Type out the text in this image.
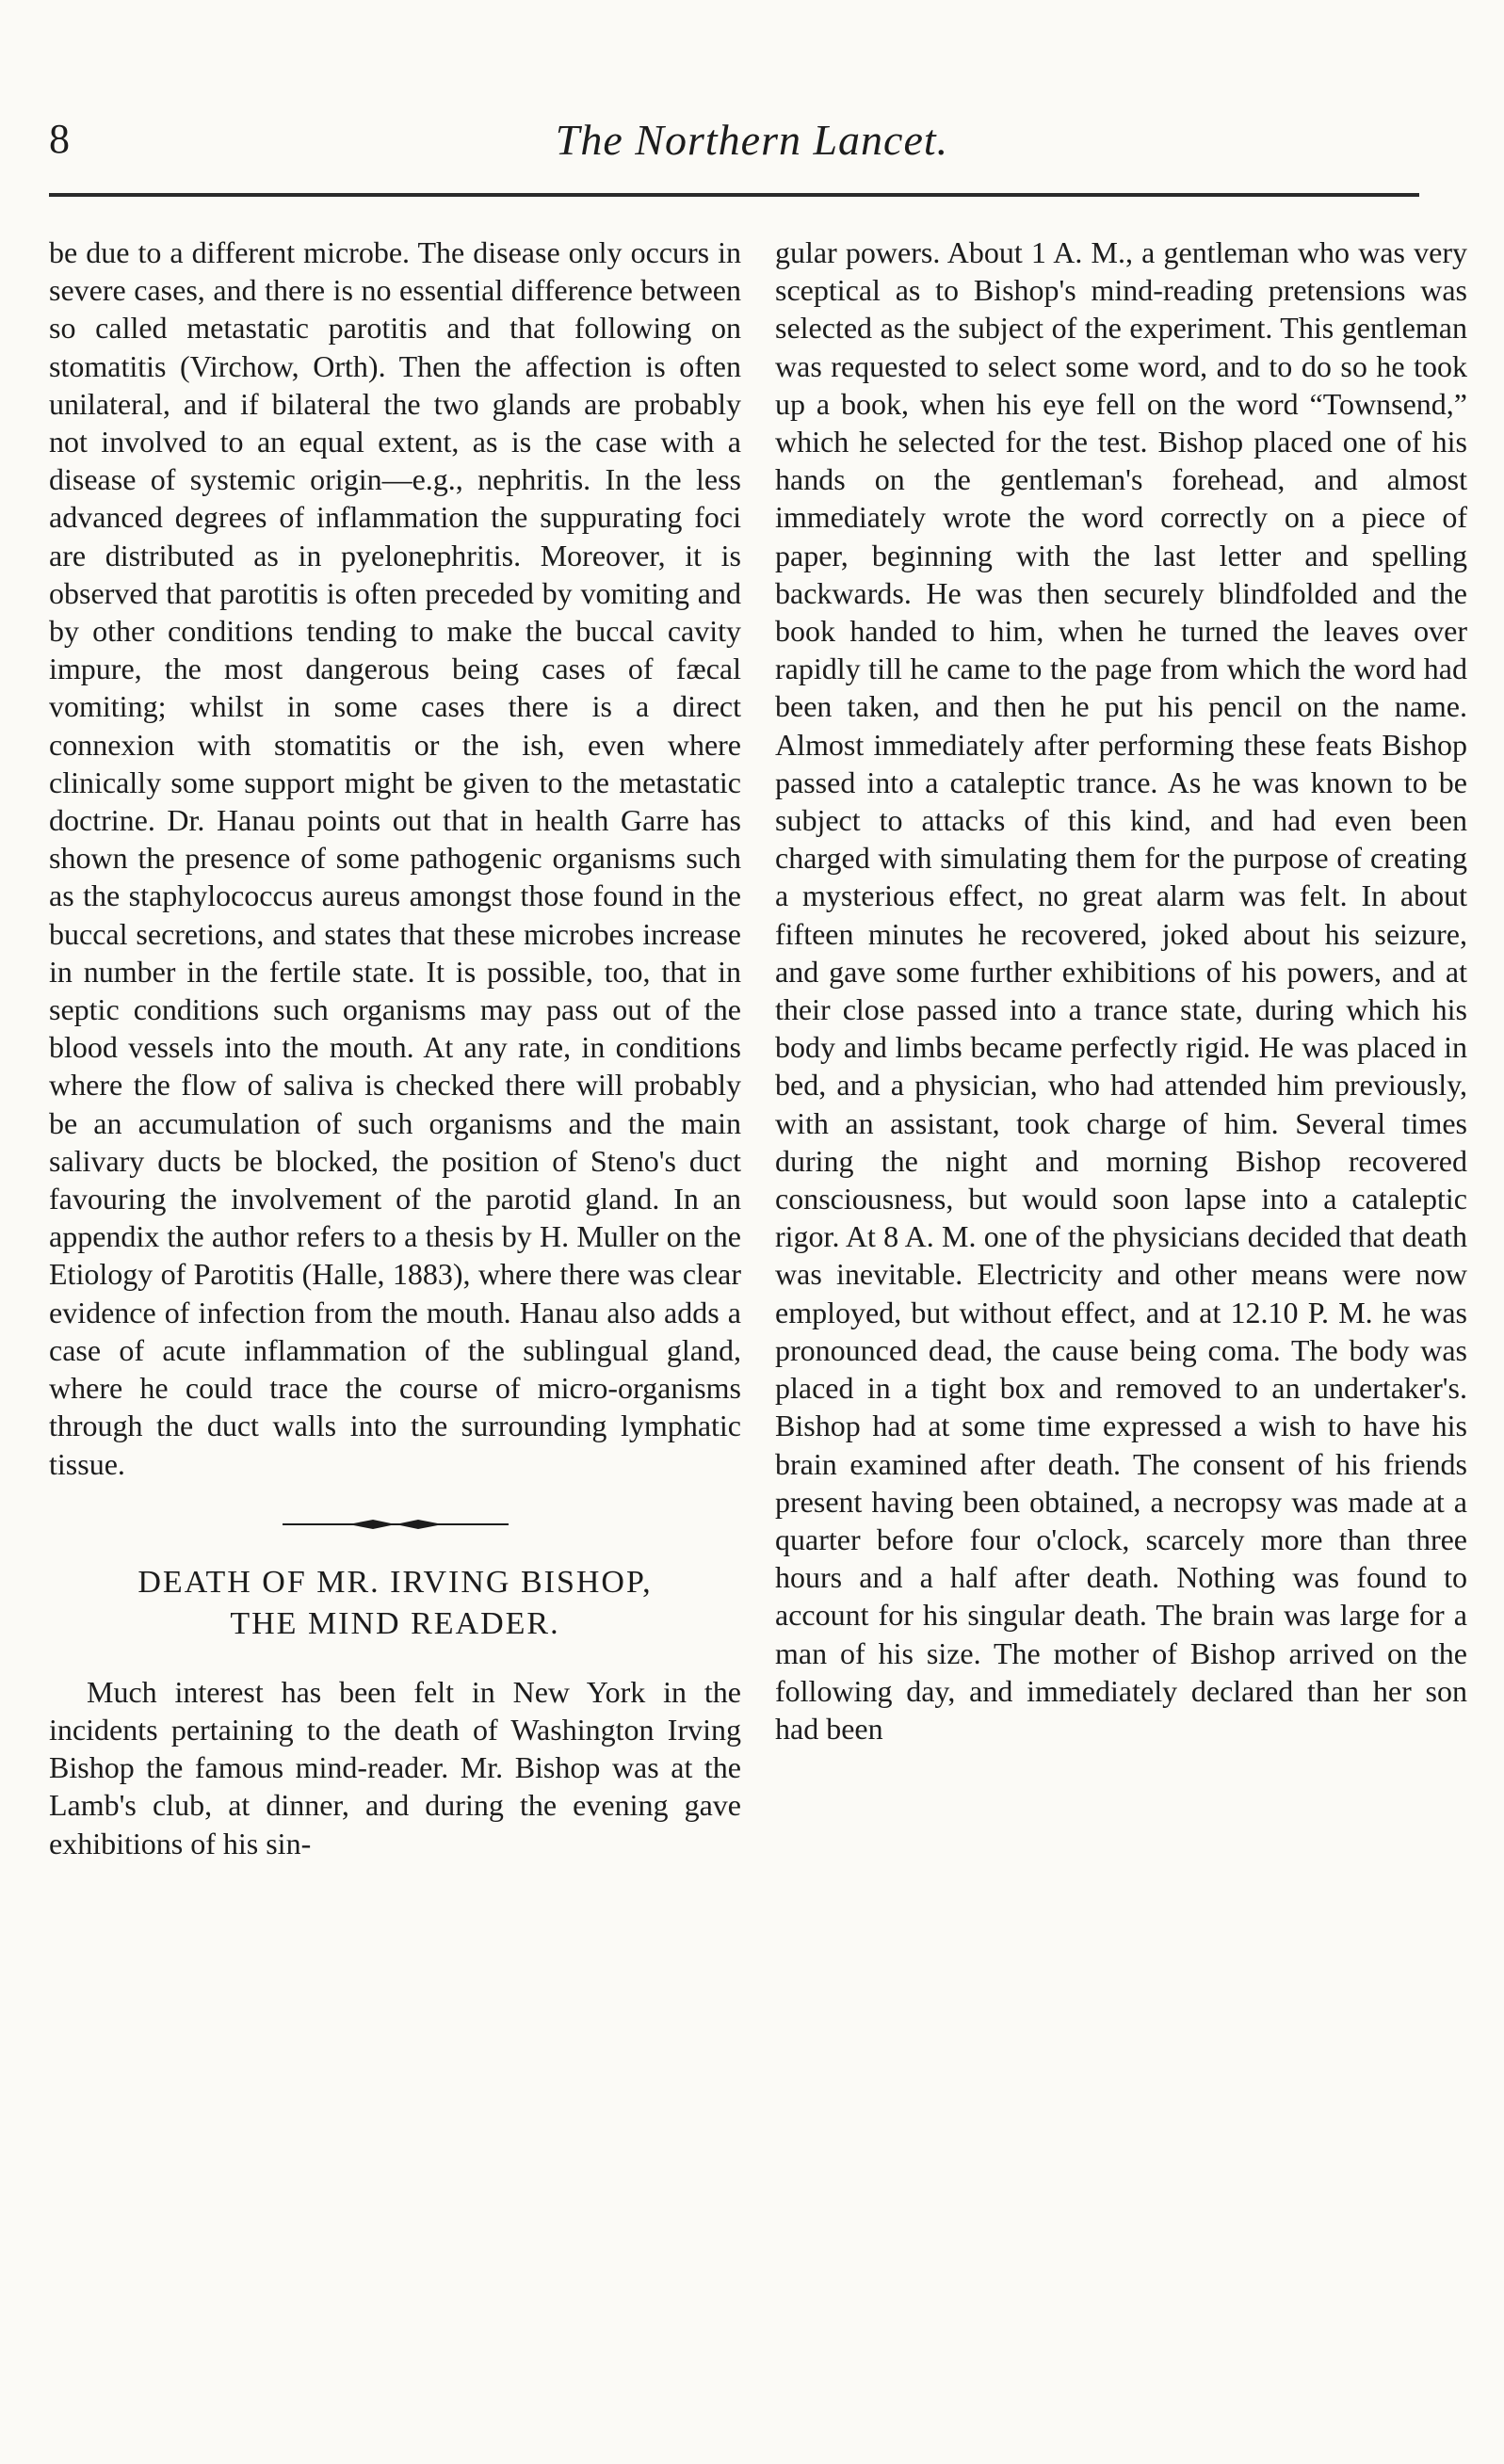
8	The Northern Lancet.

be due to a different microbe. The disease only occurs in severe cases, and there is no essential difference between so called metastatic parotitis and that following on stomatitis (Virchow, Orth). Then the affection is often unilateral, and if bilateral the two glands are probably not involved to an equal extent, as is the case with a disease of systemic origin—e.g., nephritis. In the less advanced degrees of inflammation the suppurating foci are distributed as in pyelonephritis. Moreover, it is observed that parotitis is often preceded by vomiting and by other conditions tending to make the buccal cavity impure, the most dangerous being cases of fæcal vomiting; whilst in some cases there is a direct connexion with stomatitis or the ish, even where clinically some support might be given to the metastatic doctrine. Dr. Hanau points out that in health Garre has shown the presence of some pathogenic organisms such as the staphylococcus aureus amongst those found in the buccal secretions, and states that these microbes increase in number in the fertile state. It is possible, too, that in septic conditions such organisms may pass out of the blood vessels into the mouth. At any rate, in conditions where the flow of saliva is checked there will probably be an accumulation of such organisms and the main salivary ducts be blocked, the position of Steno's duct favouring the involvement of the parotid gland. In an appendix the author refers to a thesis by H. Muller on the Etiology of Parotitis (Halle, 1883), where there was clear evidence of infection from the mouth. Hanau also adds a case of acute inflammation of the sublingual gland, where he could trace the course of micro-organisms through the duct walls into the surrounding lymphatic tissue.

DEATH OF MR. IRVING BISHOP,
THE MIND READER.

Much interest has been felt in New York in the incidents pertaining to the death of Washington Irving Bishop the famous mind-reader. Mr. Bishop was at the Lamb's club, at dinner, and during the evening gave exhibitions of his sin-

gular powers. About 1 A. M., a gentleman who was very sceptical as to Bishop's mind-reading pretensions was selected as the subject of the experiment. This gentleman was requested to select some word, and to do so he took up a book, when his eye fell on the word “Townsend,” which he selected for the test. Bishop placed one of his hands on the gentleman's forehead, and almost immediately wrote the word correctly on a piece of paper, beginning with the last letter and spelling backwards. He was then securely blindfolded and the book handed to him, when he turned the leaves over rapidly till he came to the page from which the word had been taken, and then he put his pencil on the name. Almost immediately after performing these feats Bishop passed into a cataleptic trance. As he was known to be subject to attacks of this kind, and had even been charged with simulating them for the purpose of creating a mysterious effect, no great alarm was felt. In about fifteen minutes he recovered, joked about his seizure, and gave some further exhibitions of his powers, and at their close passed into a trance state, during which his body and limbs became perfectly rigid. He was placed in bed, and a physician, who had attended him previously, with an assistant, took charge of him. Several times during the night and morning Bishop recovered consciousness, but would soon lapse into a cataleptic rigor. At 8 A. M. one of the physicians decided that death was inevitable. Electricity and other means were now employed, but without effect, and at 12.10 P. M. he was pronounced dead, the cause being coma. The body was placed in a tight box and removed to an undertaker's. Bishop had at some time expressed a wish to have his brain examined after death. The consent of his friends present having been obtained, a necropsy was made at a quarter before four o'clock, scarcely more than three hours and a half after death. Nothing was found to account for his singular death. The brain was large for a man of his size. The mother of Bishop arrived on the following day, and immediately declared than her son had been
